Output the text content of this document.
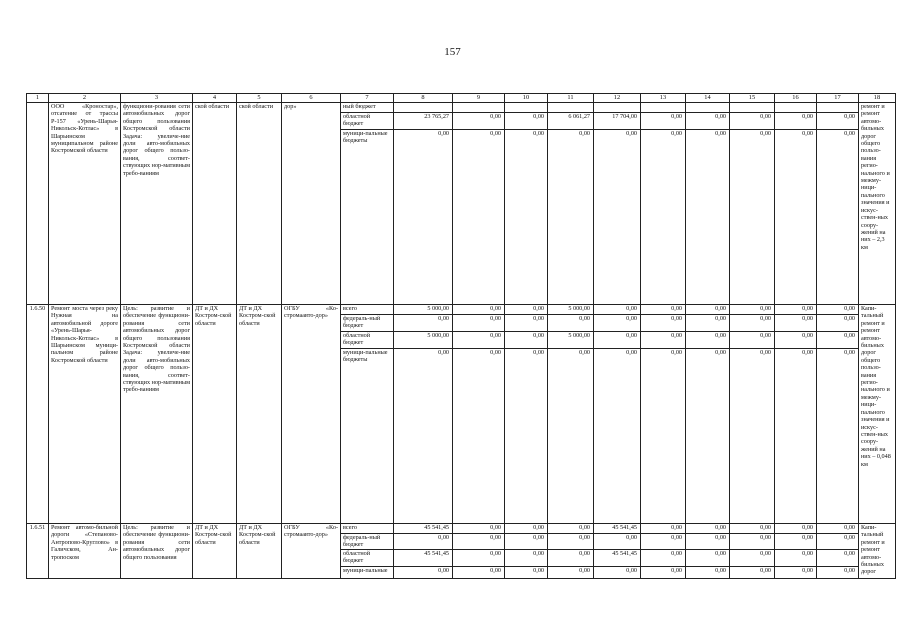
157
1	2	3	4	5	6	7	8	9	10	11	12	13	14	15	16	17	18
	ООО «Кроностар», отсатение от трассы Р-157 «Урень-Шарья-Никольск-Котлас» в Шарьинском муниципальном районе Костромской области	функциони-рования сети автомобильных дорог общего пользования Костромской области Задача: увеличе-ние доли авто-мобильных дорог общего пользо-вания, соответ-ствующих нор-мативным требо-ваниям	ской области	ской области	дор»	ный бюджет											ремонт и ремонт автомо-бильных дорог общего пользо-вания регио-нального и межму-ници-пального значения и искус-ствен-ных соору-жений на них – 2,3 км
						областной бюджет	23 765,27	0,00	0,00	6 061,27	17 704,00	0,00	0,00	0,00	0,00	0,00	
						муници-пальные бюджеты	0,00	0,00	0,00	0,00	0,00	0,00	0,00	0,00	0,00	0,00	
1.6.50	Ремонт моста через реку Нужная на автомобильной дороге «Урень-Шарья-Никольск-Котлас» в Шарьинском муници-пальном районе Костромской области	Цель: развитие и обеспечение функциони-рования сети автомобильных дорог общего пользования Костромской области Задача: увеличе-ние доли авто-мобильных дорог общего пользо-вания, соответ-ствующих нор-мативным требо-ваниям	ДТ и ДХ Костром-ской области	ДТ и ДХ Костром-ской области	ОГБУ «Ко-стромаавто-дор»	всего	5 000,00	0,00	0,00	5 000,00	0,00	0,00	0,00	0,00	0,00	0,00	Капи-тальный ремонт и ремонт автомо-бильных дорог общего пользо-вания регио-нального и межму-ници-пального значения и искус-ствен-ных соору-жений на них – 0,048 км
						федераль-ный бюджет	0,00	0,00	0,00	0,00	0,00	0,00	0,00	0,00	0,00	0,00	
						областной бюджет	5 000,00	0,00	0,00	5 000,00	0,00	0,00	0,00	0,00	0,00	0,00	
						муници-пальные бюджеты	0,00	0,00	0,00	0,00	0,00	0,00	0,00	0,00	0,00	0,00	
1.6.51	Ремонт автомо-бильной дороги «Степаново-Антропово-Круглово» в Галичском, Ан-тропоском	Цель: развитие и обеспечение функциони-рования сети автомобильных дорог общего пользования	ДТ и ДХ Костром-ской области	ДТ и ДХ Костром-ской области	ОГБУ «Ко-стромаавто-дор»	всего	45 541,45	0,00	0,00	0,00	45 541,45	0,00	0,00	0,00	0,00	0,00	Капи-тальный ремонт и ремонт автомо-бильных дорог
						федераль-ный бюджет	0,00	0,00	0,00	0,00	0,00	0,00	0,00	0,00	0,00	0,00	
						областной бюджет	45 541,45	0,00	0,00	0,00	45 541,45	0,00	0,00	0,00	0,00	0,00	
						муници-пальные	0,00	0,00	0,00	0,00	0,00	0,00	0,00	0,00	0,00	0,00	
